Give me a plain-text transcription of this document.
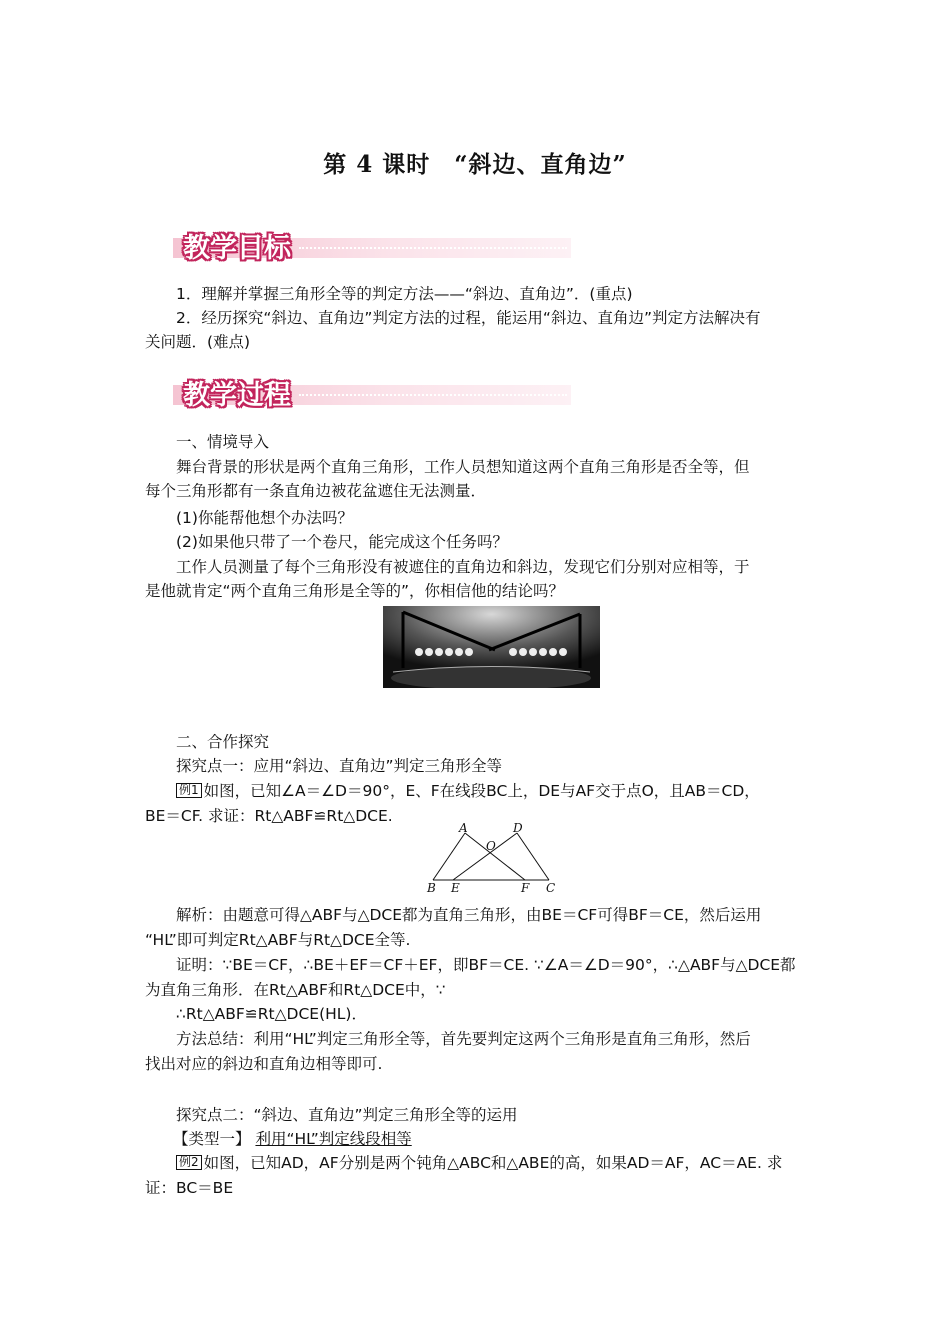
第 4 课时　“斜边、直角边”
教学目标
1．理解并掌握三角形全等的判定方法——“斜边、直角边”．(重点)
2．经历探究“斜边、直角边”判定方法的过程，能运用“斜边、直角边”判定方法解决有
关问题．(难点)
教学过程
一、情境导入
舞台背景的形状是两个直角三角形，工作人员想知道这两个直角三角形是否全等，但
每个三角形都有一条直角边被花盆遮住无法测量．
(1)你能帮他想个办法吗？
(2)如果他只带了一个卷尺，能完成这个任务吗？
工作人员测量了每个三角形没有被遮住的直角边和斜边，发现它们分别对应相等，于
是他就肯定“两个直角三角形是全等的”，你相信他的结论吗？
二、合作探究
探究点一：应用“斜边、直角边”判定三角形全等
例1 如图，已知∠A＝∠D＝90°，E、F在线段BC上，DE与AF交于点O，且AB＝CD，
BE＝CF. 求证：Rt△ABF≌Rt△DCE.
A	D
O
B E	F C
解析：由题意可得△ABF与△DCE都为直角三角形，由BE＝CF可得BF＝CE，然后运用
“HL”即可判定Rt△ABF与Rt△DCE全等.
证明：∵BE＝CF，∴BE＋EF＝CF＋EF，即BF＝CE. ∵∠A＝∠D＝90°，∴△ABF与△DCE都
为直角三角形．在Rt△ABF和Rt△DCE中，∵
∴Rt△ABF≌Rt△DCE(HL)．
方法总结：利用“HL”判定三角形全等，首先要判定这两个三角形是直角三角形，然后
找出对应的斜边和直角边相等即可.
探究点二：“斜边、直角边”判定三角形全等的运用
【类型一】 利用“HL”判定线段相等
例2 如图，已知AD，AF分别是两个钝角△ABC和△ABE的高，如果AD＝AF，AC＝AE. 求
证：BC＝BE
